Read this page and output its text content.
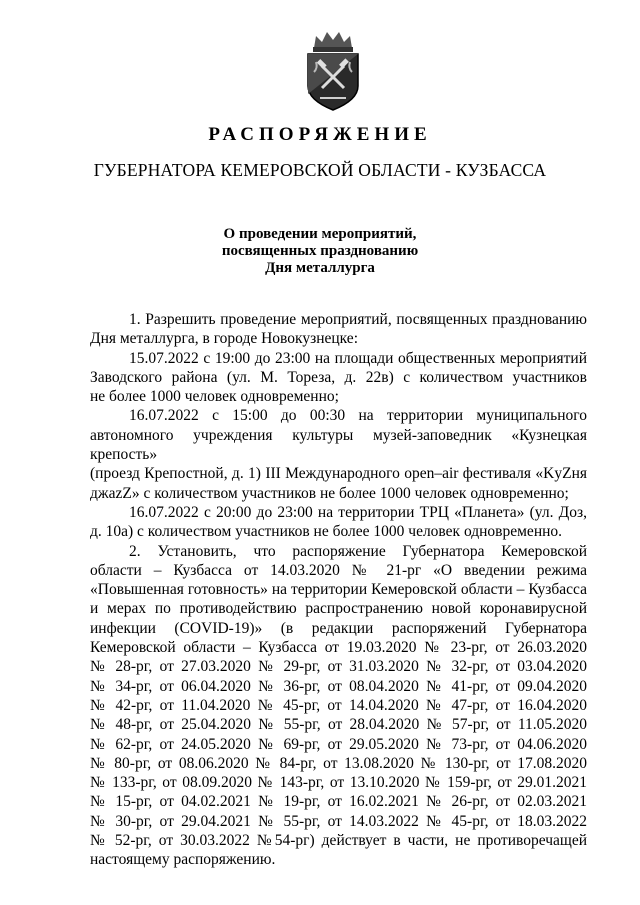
РАСПОРЯЖЕНИЕ
ГУБЕРНАТОРА КЕМЕРОВСКОЙ ОБЛАСТИ - КУЗБАССА
О проведении мероприятий,
посвященных празднованию
Дня металлурга

1. Разрешить проведение мероприятий, посвященных празднованию

Дня металлурга, в городе Новокузнецке:

15.07.2022 с 19:00 до 23:00 на площади общественных мероприятий

Заводского района (ул. М. Тореза, д. 22в) с количеством участников

не более 1000 человек одновременно;

16.07.2022 с 15:00 до 00:30 на территории муниципального

автономного учреждения культуры музей-заповедник «Кузнецкая крепость»

(проезд Крепостной, д. 1) III Международного open–air фестиваля «KyZня

джazZ» с количеством участников не более 1000 человек одновременно;

16.07.2022 с 20:00 до 23:00 на территории ТРЦ «Планета» (ул. Доз,

д. 10а) с количеством участников не более 1000 человек одновременно.

2. Установить, что распоряжение Губернатора Кемеровской

области – Кузбасса от 14.03.2020 № 21-рг «О введении режима

«Повышенная готовность» на территории Кемеровской области – Кузбасса

и мерах по противодействию распространению новой коронавирусной

инфекции (COVID-19)» (в редакции распоряжений Губернатора

Кемеровской области – Кузбасса от 19.03.2020 № 23-рг, от 26.03.2020

№ 28-рг, от 27.03.2020 № 29-рг, от 31.03.2020 № 32-рг, от 03.04.2020

№ 34-рг, от 06.04.2020 № 36-рг, от 08.04.2020 № 41-рг, от 09.04.2020

№ 42-рг, от 11.04.2020 № 45-рг, от 14.04.2020 № 47-рг, от 16.04.2020

№ 48-рг, от 25.04.2020 № 55-рг, от 28.04.2020 № 57-рг, от 11.05.2020

№ 62-рг, от 24.05.2020 № 69-рг, от 29.05.2020 № 73-рг, от 04.06.2020

№ 80-рг, от 08.06.2020 № 84-рг, от 13.08.2020 № 130-рг, от 17.08.2020

№ 133-рг, от 08.09.2020 № 143-рг, от 13.10.2020 № 159-рг, от 29.01.2021

№ 15-рг, от 04.02.2021 № 19-рг, от 16.02.2021 № 26-рг, от 02.03.2021

№ 30-рг, от 29.04.2021 № 55-рг, от 14.03.2022 № 45-рг, от 18.03.2022

№ 52-рг, от 30.03.2022 №54-рг) действует в части, не противоречащей

настоящему распоряжению.
